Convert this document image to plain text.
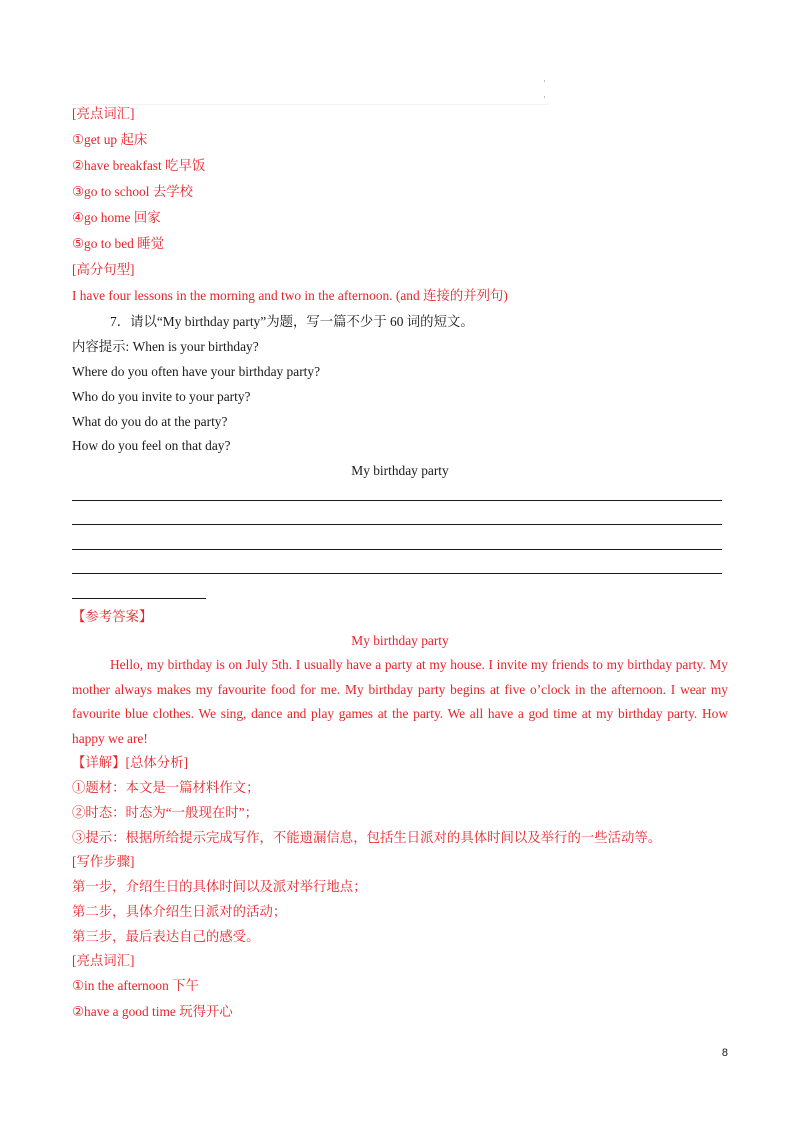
·
·
[亮点词汇]
①get up 起床
②have breakfast 吃早饭
③go to school 去学校
④go home 回家
⑤go to bed 睡觉
[高分句型]
I have four lessons in the morning and two in the afternoon. (and 连接的并列句)
7．请以“My birthday party”为题，写一篇不少于 60 词的短文。
内容提示: When is your birthday?
Where do you often have your birthday party?
Who do you invite to your party?
What do you do at the party?
How do you feel on that day?
My birthday party
【参考答案】
My birthday party
Hello, my birthday is on July 5th. I usually have a party at my house. I invite my friends to my birthday party. My mother always makes my favourite food for me. My birthday party begins at five o’clock in the afternoon. I wear my favourite blue clothes. We sing, dance and play games at the party. We all have a god time at my birthday party. How happy we are!
【详解】[总体分析]
①题材：本文是一篇材料作文；
②时态：时态为“一般现在时”；
③提示：根据所给提示完成写作，不能遗漏信息，包括生日派对的具体时间以及举行的一些活动等。
[写作步骤]
第一步，介绍生日的具体时间以及派对举行地点；
第二步，具体介绍生日派对的活动；
第三步，最后表达自己的感受。
[亮点词汇]
①in the afternoon 下午
②have a good time 玩得开心
8
